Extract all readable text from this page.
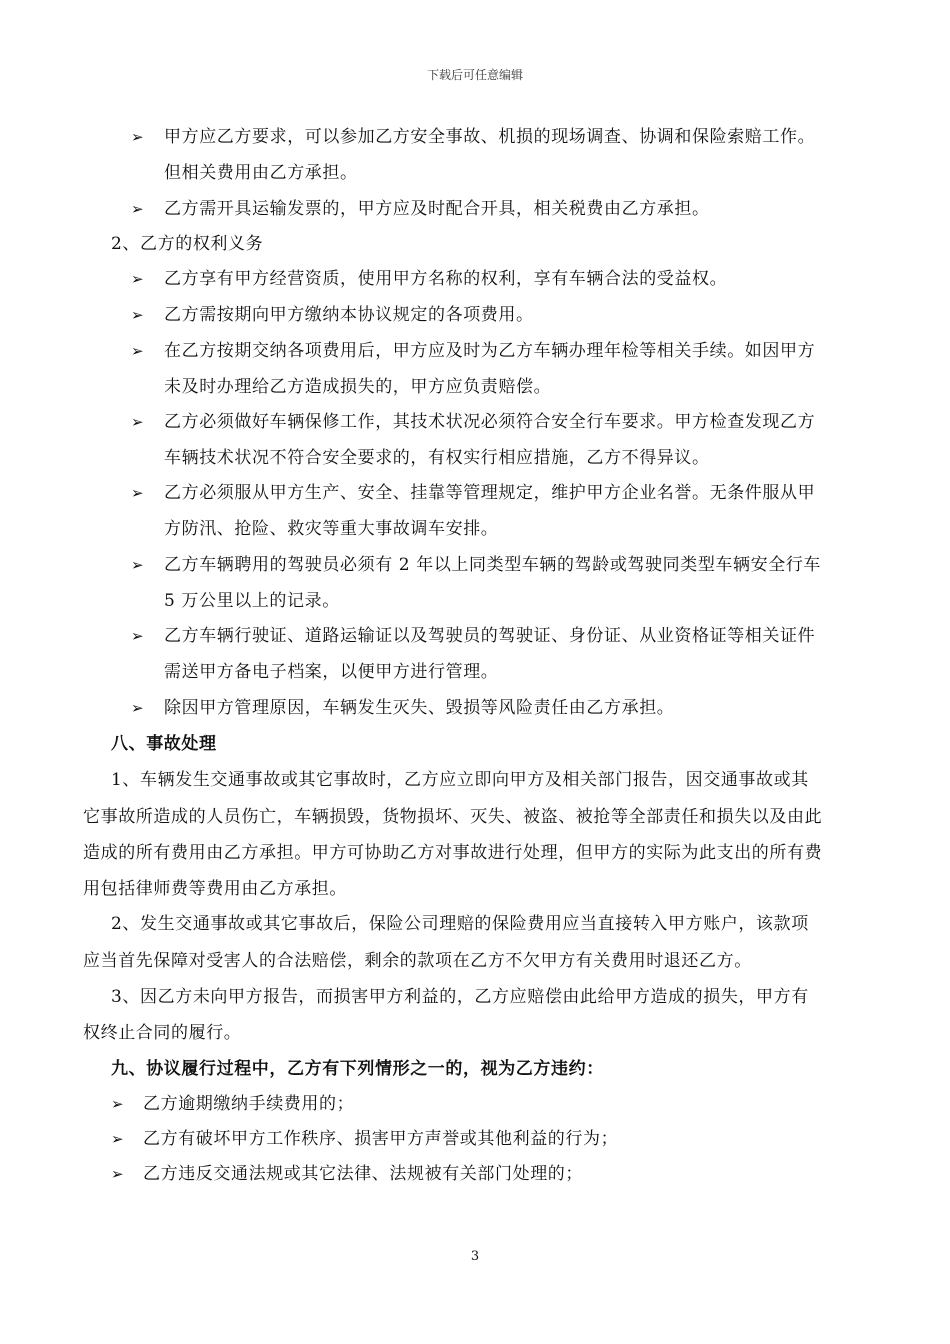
下载后可任意编辑
➢
➢
➢
➢
➢
➢
➢
➢
➢
➢
➢
➢
➢
甲方应乙方要求，可以参加乙方安全事故、机损的现场调查、协调和保险索赔工作。
但相关费用由乙方承担。
乙方需开具运输发票的，甲方应及时配合开具，相关税费由乙方承担。
2、乙方的权利义务
乙方享有甲方经营资质，使用甲方名称的权利，享有车辆合法的受益权。
乙方需按期向甲方缴纳本协议规定的各项费用。
在乙方按期交纳各项费用后，甲方应及时为乙方车辆办理年检等相关手续。如因甲方
未及时办理给乙方造成损失的，甲方应负责赔偿。
乙方必须做好车辆保修工作，其技术状况必须符合安全行车要求。甲方检查发现乙方
车辆技术状况不符合安全要求的，有权实行相应措施，乙方不得异议。
乙方必须服从甲方生产、安全、挂靠等管理规定，维护甲方企业名誉。无条件服从甲
方防汛、抢险、救灾等重大事故调车安排。
乙方车辆聘用的驾驶员必须有 2 年以上同类型车辆的驾龄或驾驶同类型车辆安全行车
5 万公里以上的记录。
乙方车辆行驶证、道路运输证以及驾驶员的驾驶证、身份证、从业资格证等相关证件
需送甲方备电子档案，以便甲方进行管理。
除因甲方管理原因，车辆发生灭失、毁损等风险责任由乙方承担。
八、事故处理
1、车辆发生交通事故或其它事故时，乙方应立即向甲方及相关部门报告，因交通事故或其
它事故所造成的人员伤亡，车辆损毁，货物损坏、灭失、被盗、被抢等全部责任和损失以及由此
造成的所有费用由乙方承担。甲方可协助乙方对事故进行处理，但甲方的实际为此支出的所有费
用包括律师费等费用由乙方承担。
2、发生交通事故或其它事故后，保险公司理赔的保险费用应当直接转入甲方账户，该款项
应当首先保障对受害人的合法赔偿，剩余的款项在乙方不欠甲方有关费用时退还乙方。
3、因乙方未向甲方报告，而损害甲方利益的，乙方应赔偿由此给甲方造成的损失，甲方有
权终止合同的履行。
九、协议履行过程中，乙方有下列情形之一的，视为乙方违约：
乙方逾期缴纳手续费用的；
乙方有破坏甲方工作秩序、损害甲方声誉或其他利益的行为；
乙方违反交通法规或其它法律、法规被有关部门处理的；
3
